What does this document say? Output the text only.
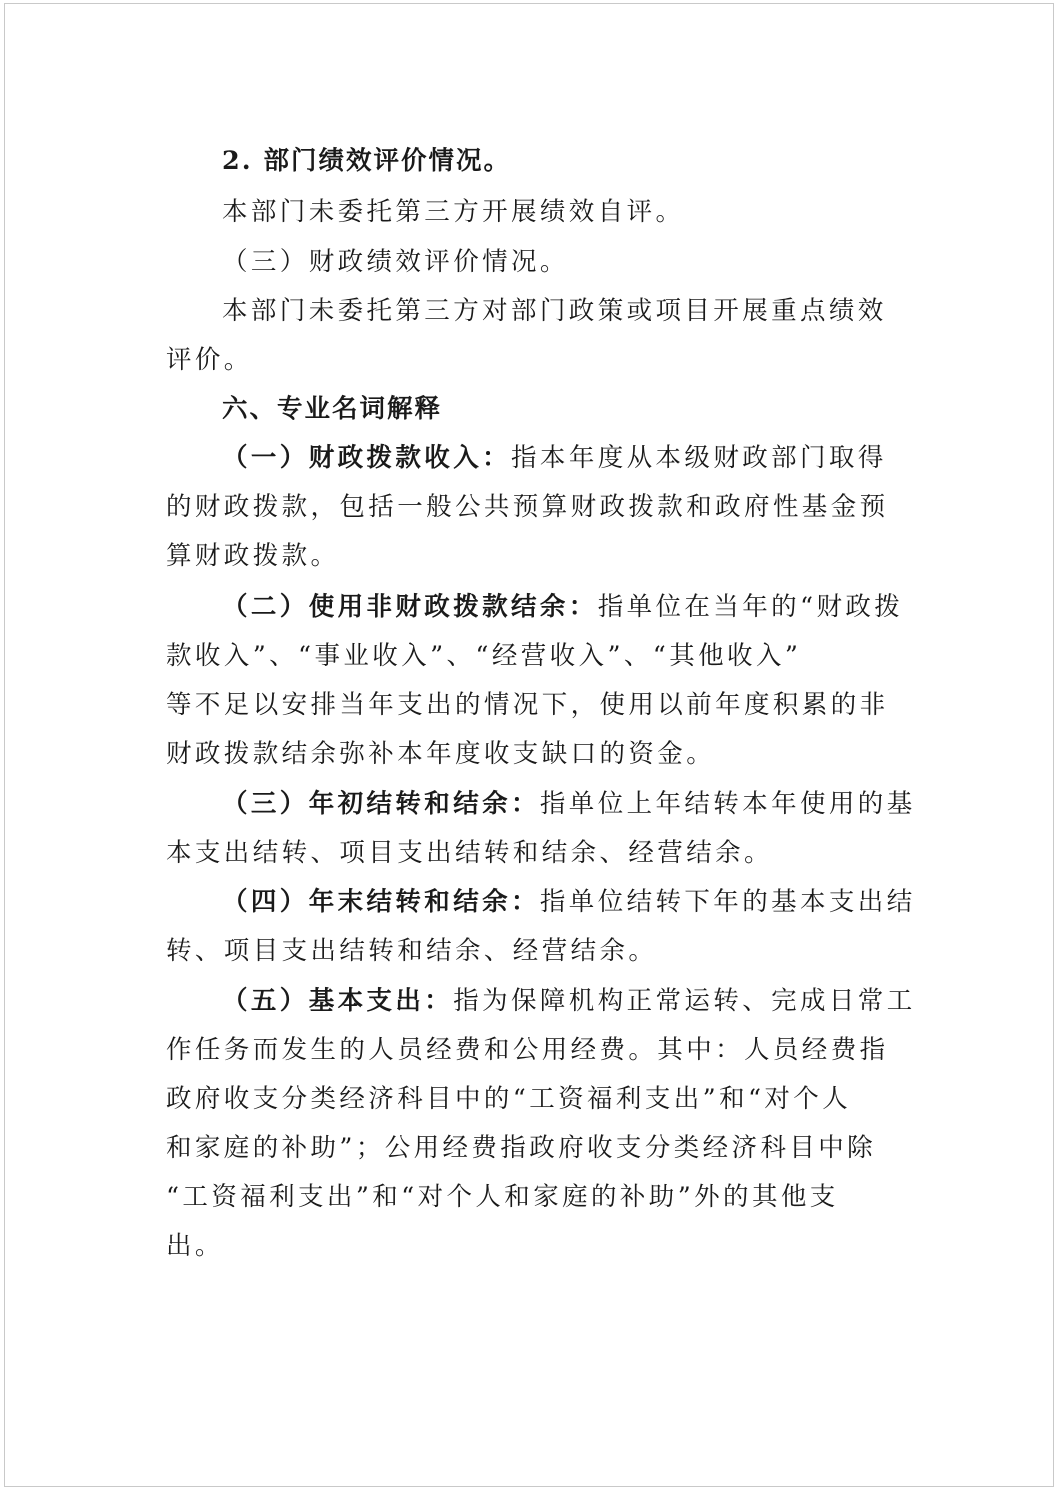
2. 部门绩效评价情况。
本部门未委托第三方开展绩效自评。
（三）财政绩效评价情况。
本部门未委托第三方对部门政策或项目开展重点绩效
评价。
六、专业名词解释
（一）财政拨款收入：指本年度从本级财政部门取得
的财政拨款，包括一般公共预算财政拨款和政府性基金预
算财政拨款。
（二）使用非财政拨款结余：指单位在当年的“财政拨
款收入”、“事业收入”、“经营收入”、“其他收入”
等不足以安排当年支出的情况下，使用以前年度积累的非
财政拨款结余弥补本年度收支缺口的资金。
（三）年初结转和结余：指单位上年结转本年使用的基
本支出结转、项目支出结转和结余、经营结余。
（四）年末结转和结余：指单位结转下年的基本支出结
转、项目支出结转和结余、经营结余。
（五）基本支出：指为保障机构正常运转、完成日常工
作任务而发生的人员经费和公用经费。其中：人员经费指
政府收支分类经济科目中的“工资福利支出”和“对个人
和家庭的补助”；公用经费指政府收支分类经济科目中除
“工资福利支出”和“对个人和家庭的补助”外的其他支
出。
